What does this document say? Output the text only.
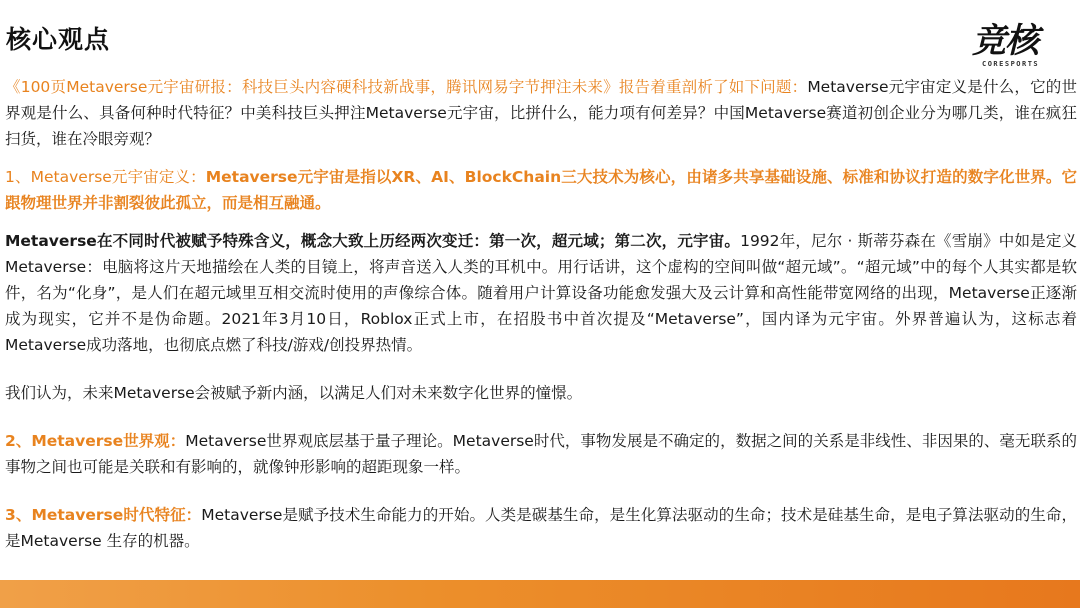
核心观点	竞核
CORESPORTS

《100页Metaverse元宇宙研报：科技巨头内容硬科技新战事，腾讯网易字节押注未来》报告着重剖析了如下问题：Metaverse元宇宙定义是什么，它的世界观是什么、具备何种时代特征？中美科技巨头押注Metaverse元宇宙，比拼什么，能力项有何差异？中国Metaverse赛道初创企业分为哪几类，谁在疯狂扫货，谁在冷眼旁观？

1、Metaverse元宇宙定义：Metaverse元宇宙是指以XR、AI、BlockChain三大技术为核心，由诸多共享基础设施、标准和协议打造的数字化世界。它跟物理世界并非割裂彼此孤立，而是相互融通。

Metaverse在不同时代被赋予特殊含义，概念大致上历经两次变迁：第一次，超元域；第二次，元宇宙。1992年，尼尔 · 斯蒂芬森在《雪崩》中如是定义Metaverse：电脑将这片天地描绘在人类的目镜上，将声音送入人类的耳机中。用行话讲，这个虚构的空间叫做“超元域”。“超元域”中的每个人其实都是软件，名为“化身”，是人们在超元域里互相交流时使用的声像综合体。随着用户计算设备功能愈发强大及云计算和高性能带宽网络的出现，Metaverse正逐渐成为现实，它并不是伪命题。2021年3月10日，Roblox正式上市，在招股书中首次提及“Metaverse”，国内译为元宇宙。外界普遍认为，这标志着Metaverse成功落地，也彻底点燃了科技/游戏/创投界热情。

我们认为，未来Metaverse会被赋予新内涵，以满足人们对未来数字化世界的憧憬。

2、Metaverse世界观：Metaverse世界观底层基于量子理论。Metaverse时代，事物发展是不确定的，数据之间的关系是非线性、非因果的、毫无联系的事物之间也可能是关联和有影响的，就像钟形影响的超距现象一样。

3、Metaverse时代特征：Metaverse是赋予技术生命能力的开始。人类是碳基生命，是生化算法驱动的生命；技术是硅基生命，是电子算法驱动的生命，是Metaverse 生存的机器。
